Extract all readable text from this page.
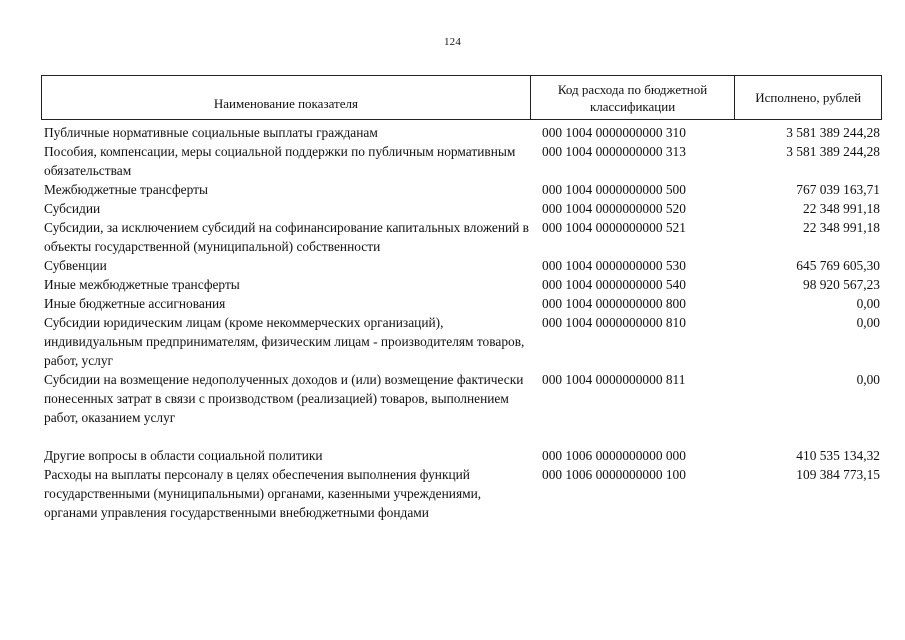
124
Наименование показателя
Код расхода по бюджетной классификации
Исполнено, рублей
Публичные нормативные социальные выплаты гражданам	000 1004 0000000000 310	3 581 389 244,28
Пособия, компенсации, меры социальной поддержки по публичным нормативным обязательствам
000 1004 0000000000 313	3 581 389 244,28
Межбюджетные трансферты	000 1004 0000000000 500	767 039 163,71
Субсидии	000 1004 0000000000 520	22 348 991,18
Субсидии, за исключением субсидий на софинансирование капитальных вложений в объекты государственной (муниципальной) собственности
000 1004 0000000000 521	22 348 991,18
Субвенции	000 1004 0000000000 530	645 769 605,30
Иные межбюджетные трансферты	000 1004 0000000000 540	98 920 567,23
Иные бюджетные ассигнования	000 1004 0000000000 800	0,00
Субсидии юридическим лицам (кроме некоммерческих организаций), индивидуальным предпринимателям, физическим лицам - производителям товаров, работ, услуг
000 1004 0000000000 810	0,00
Субсидии на возмещение недополученных доходов и (или) возмещение фактически понесенных затрат в связи с производством (реализацией) товаров, выполнением работ, оказанием услуг
000 1004 0000000000 811	0,00
Другие вопросы в области социальной политики	000 1006 0000000000 000	410 535 134,32
Расходы на выплаты персоналу в целях обеспечения выполнения функций государственными (муниципальными) органами, казенными учреждениями, органами управления государственными внебюджетными фондами
000 1006 0000000000 100	109 384 773,15
